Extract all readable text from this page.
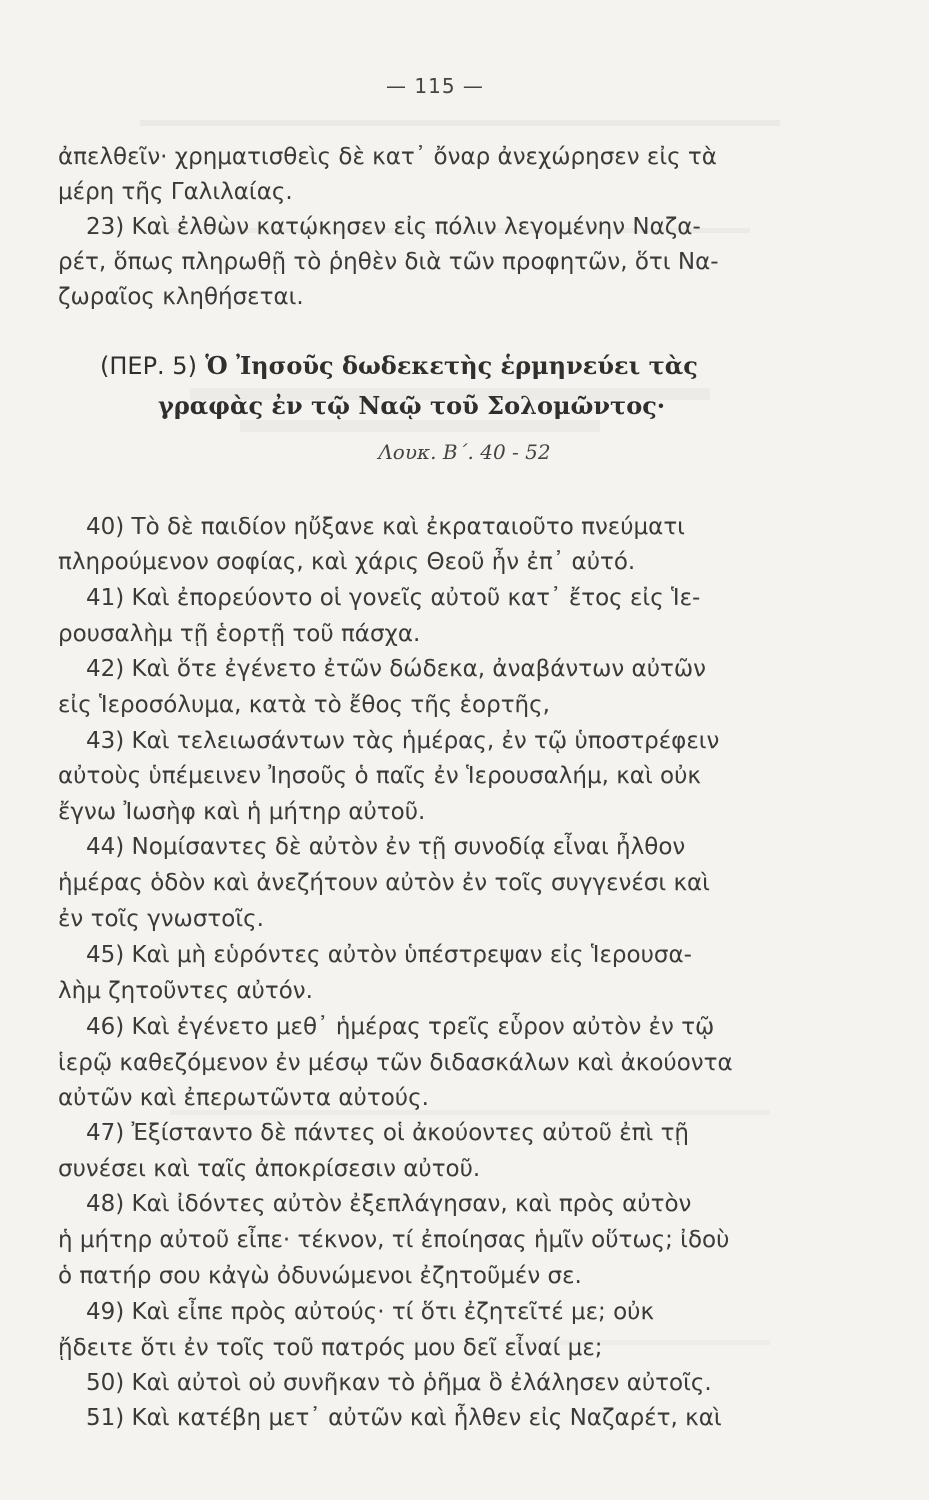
— 115 —
ἀπελθεῖν· χρηματισθεὶς δὲ κατ᾽ ὄναρ ἀνεχώρησεν εἰς τὰ
μέρη τῆς Γαλιλαίας.
23) Καὶ ἐλθὼν κατῴκησεν εἰς πόλιν λεγομένην Ναζα-
ρέτ, ὅπως πληρωθῇ τὸ ῥηθὲν διὰ τῶν προφητῶν, ὅτι Να-
ζωραῖος κληθήσεται.
(ΠΕΡ. 5) Ὁ Ἰησοῦς δωδεκετὴς ἑρμηνεύει τὰς
γραφὰς ἐν τῷ Ναῷ τοῦ Σολομῶντος·
Λουκ. Β΄. 40 - 52
40) Τὸ δὲ παιδίον ηὔξανε καὶ ἐκραταιοῦτο πνεύματι
πληρούμενον σοφίας, καὶ χάρις Θεοῦ ἦν ἐπ᾽ αὐτό.
41) Καὶ ἐπορεύοντο οἱ γονεῖς αὐτοῦ κατ᾽ ἔτος εἰς Ἱε-
ρουσαλὴμ τῇ ἑορτῇ τοῦ πάσχα.
42) Καὶ ὅτε ἐγένετο ἐτῶν δώδεκα, ἀναβάντων αὐτῶν
εἰς Ἱεροσόλυμα, κατὰ τὸ ἔθος τῆς ἑορτῆς,
43) Καὶ τελειωσάντων τὰς ἡμέρας, ἐν τῷ ὑποστρέφειν
αὐτοὺς ὑπέμεινεν Ἰησοῦς ὁ παῖς ἐν Ἱερουσαλήμ, καὶ οὐκ
ἔγνω Ἰωσὴφ καὶ ἡ μήτηρ αὐτοῦ.
44) Νομίσαντες δὲ αὐτὸν ἐν τῇ συνοδίᾳ εἶναι ἦλθον
ἡμέρας ὁδὸν καὶ ἀνεζήτουν αὐτὸν ἐν τοῖς συγγενέσι καὶ
ἐν τοῖς γνωστοῖς.
45) Καὶ μὴ εὑρόντες αὐτὸν ὑπέστρεψαν εἰς Ἱερουσα-
λὴμ ζητοῦντες αὐτόν.
46) Καὶ ἐγένετο μεθ᾽ ἡμέρας τρεῖς εὗρον αὐτὸν ἐν τῷ
ἱερῷ καθεζόμενον ἐν μέσῳ τῶν διδασκάλων καὶ ἀκούοντα
αὐτῶν καὶ ἐπερωτῶντα αὐτούς.
47) Ἐξίσταντο δὲ πάντες οἱ ἀκούοντες αὐτοῦ ἐπὶ τῇ
συνέσει καὶ ταῖς ἀποκρίσεσιν αὐτοῦ.
48) Καὶ ἰδόντες αὐτὸν ἐξεπλάγησαν, καὶ πρὸς αὐτὸν
ἡ μήτηρ αὐτοῦ εἶπε· τέκνον, τί ἐποίησας ἡμῖν οὕτως; ἰδοὺ
ὁ πατήρ σου κἀγὼ ὀδυνώμενοι ἐζητοῦμέν σε.
49) Καὶ εἶπε πρὸς αὐτούς· τί ὅτι ἐζητεῖτέ με; οὐκ
ᾔδειτε ὅτι ἐν τοῖς τοῦ πατρός μου δεῖ εἶναί με;
50) Καὶ αὐτοὶ οὐ συνῆκαν τὸ ῥῆμα ὃ ἐλάλησεν αὐτοῖς.
51) Καὶ κατέβη μετ᾽ αὐτῶν καὶ ἦλθεν εἰς Ναζαρέτ, καὶ
